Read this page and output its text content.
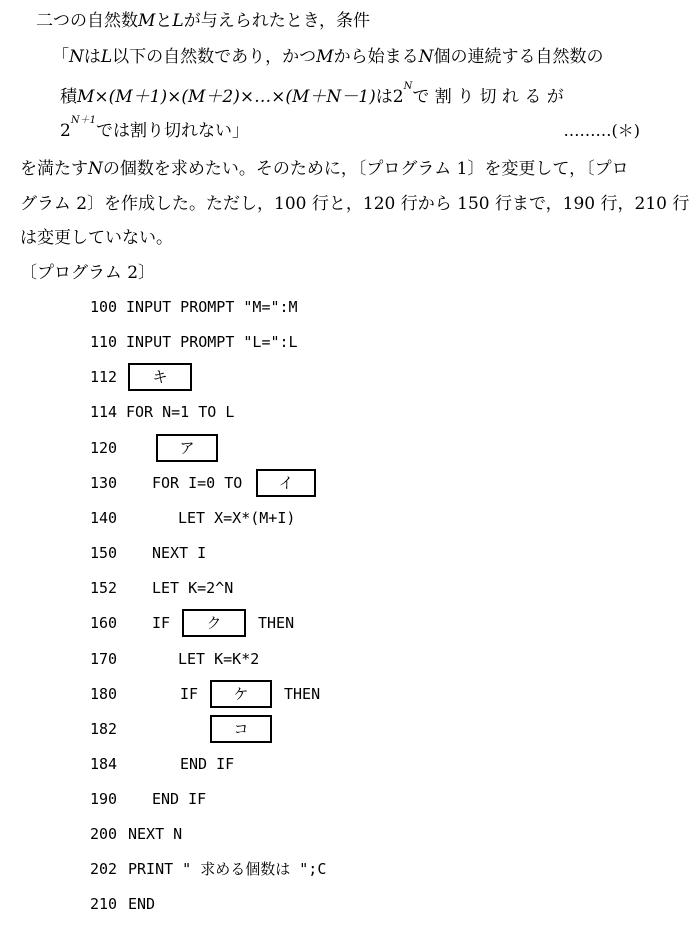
二つの自然数MとLが与えられたとき，条件
「NはL以下の自然数であり，かつMから始まるN個の連続する自然数の
積M×(M＋1)×(M＋2)×…×(M＋N－1)は$2^N$で 割 り 切 れ る が
$2^{N+1}$では割り切れない」	………(＊)
を満たすNの個数を求めたい。そのために，〔プログラム 1〕を変更して，〔プロ
グラム 2〕を作成した。ただし，100 行と，120 行から 150 行まで，190 行，210 行
は変更していない。
〔プログラム 2〕
100 INPUT PROMPT "M=":M
110 INPUT PROMPT "L=":L
112	キ
114 FOR N=1 TO L
120	ア
130 FOR I=0 TO	イ
140	LET X=X*(M+I)
150 NEXT I
152 LET K=2^N
160 IF	ク	THEN
170	LET K=K*2
180	IF	ケ	THEN
182	コ
184	END IF
190 END IF
200 NEXT N
202 PRINT " 求める個数は ";C
210 END
